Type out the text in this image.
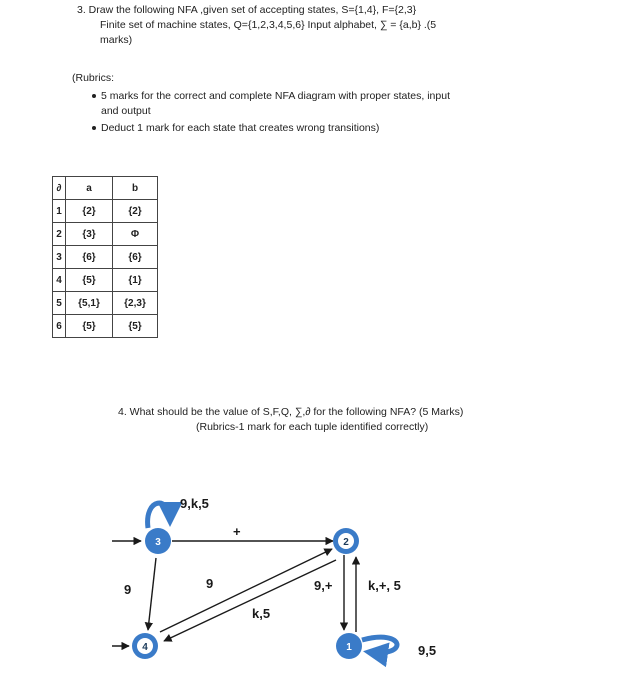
3. Draw the following NFA ,given set of accepting states, S={1,4}, F={2,3}
Finite set of machine states, Q={1,2,3,4,5,6} Input alphabet, ∑ = {a,b} .(5
marks)
(Rubrics:
5 marks for the correct and complete NFA diagram with proper states, input
and output
Deduct 1 mark for each state that creates wrong transitions)
∂	a	b
1	{2}	{2}
2	{3}	Φ
3	{6}	{6}
4	{5}	{1}
5	{5,1}	{2,3}
6	{5}	{5}
4. What should be the value of S,F,Q, ∑,∂ for the following NFA? (5 Marks)
(Rubrics-1 mark for each tuple identified correctly)
9,k,5
+
9	9
k,5
9,+	k,+, 5
9,5
3	2
4	1
